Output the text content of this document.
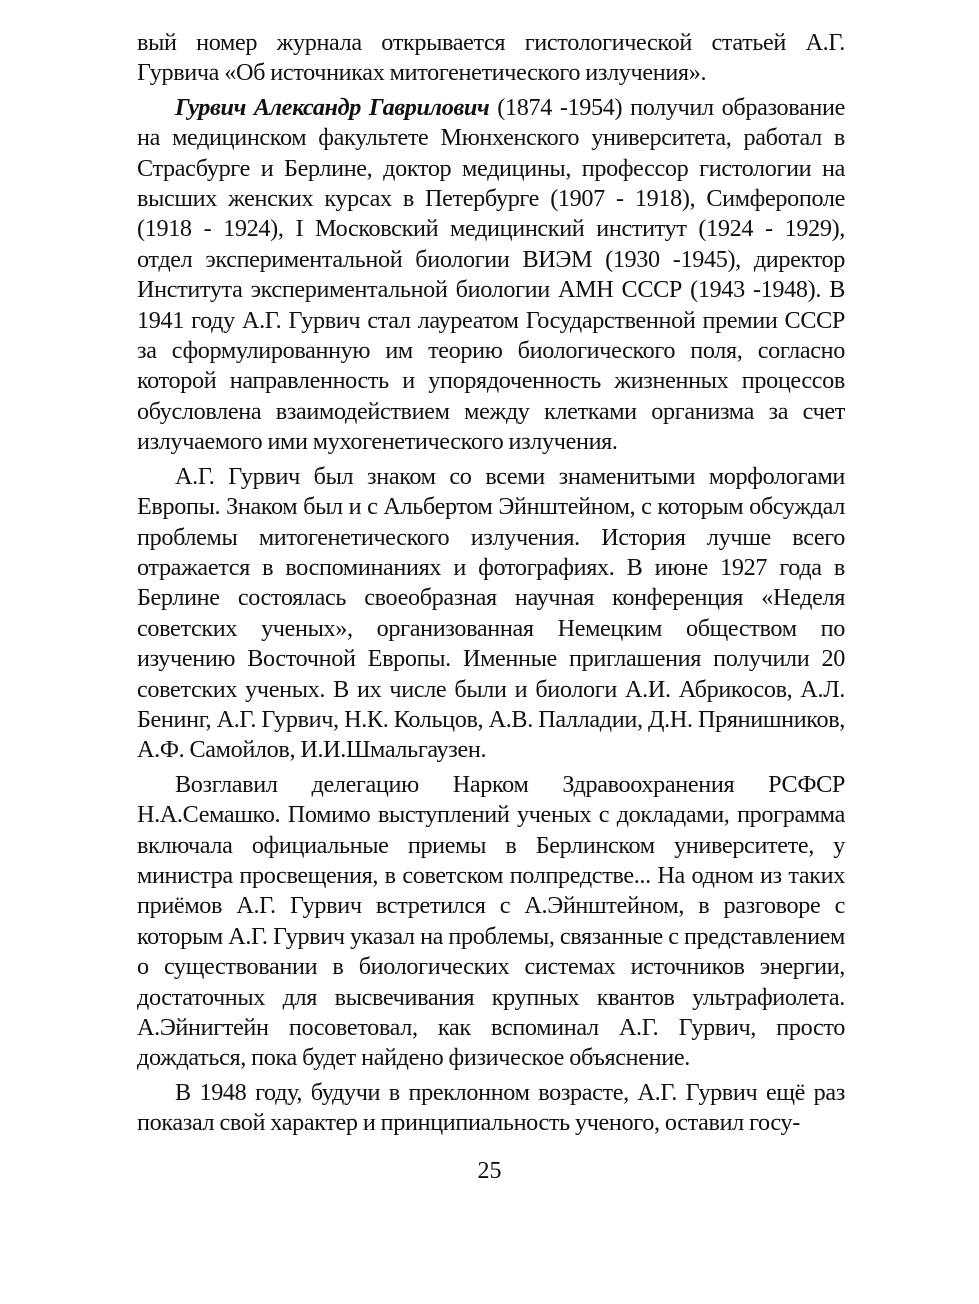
вый номер журнала открывается гистологической статьей А.Г. Гурвича «Об источниках митогенетического излучения».

Гурвич Александр Гаврилович (1874 -1954) получил образование на медицинском факультете Мюнхенского университета, работал в Страсбурге и Берлине, доктор медицины, профессор гистологии на высших женских курсах в Петербурге (1907 - 1918), Симферополе (1918 - 1924), I Московский медицинский институт (1924 - 1929), отдел экспериментальной биологии ВИЭМ (1930 -1945), директор Института экспериментальной биологии АМН СССР (1943 -1948). В 1941 году А.Г. Гурвич стал лауреатом Государственной премии СССР за сформулированную им теорию биологического поля, согласно которой направленность и упорядоченность жизненных процессов обусловлена взаимодействием между клетками организма за счет излучаемого ими мухогенетического излучения.

А.Г. Гурвич был знаком со всеми знаменитыми морфологами Европы. Знаком был и с Альбертом Эйнштейном, с которым обсуждал проблемы митогенетического излучения. История лучше всего отражается в воспоминаниях и фотографиях. В июне 1927 года в Берлине состоялась своеобразная научная конференция «Неделя советских ученых», организованная Немецким обществом по изучению Восточной Европы. Именные приглашения получили 20 советских ученых. В их числе были и биологи А.И. Абрикосов, А.Л. Бенинг, А.Г. Гурвич, Н.К. Кольцов, А.В. Палладии, Д.Н. Прянишников, А.Ф. Самойлов, И.И.Шмальгаузен.

Возглавил делегацию Нарком Здравоохранения РСФСР Н.А.Семашко. Помимо выступлений ученых с докладами, программа включала официальные приемы в Берлинском университете, у министра просвещения, в советском полпредстве... На одном из таких приёмов А.Г. Гурвич встретился с А.Эйнштейном, в разговоре с которым А.Г. Гурвич указал на проблемы, связанные с представлением о существовании в биологических системах источников энергии, достаточных для высвечивания крупных квантов ультрафиолета. А.Эйнигтейн посоветовал, как вспоминал А.Г. Гурвич, просто дождаться, пока будет найдено физическое объяснение.

В 1948 году, будучи в преклонном возрасте, А.Г. Гурвич ещё раз показал свой характер и принципиальность ученого, оставил госу-

25
